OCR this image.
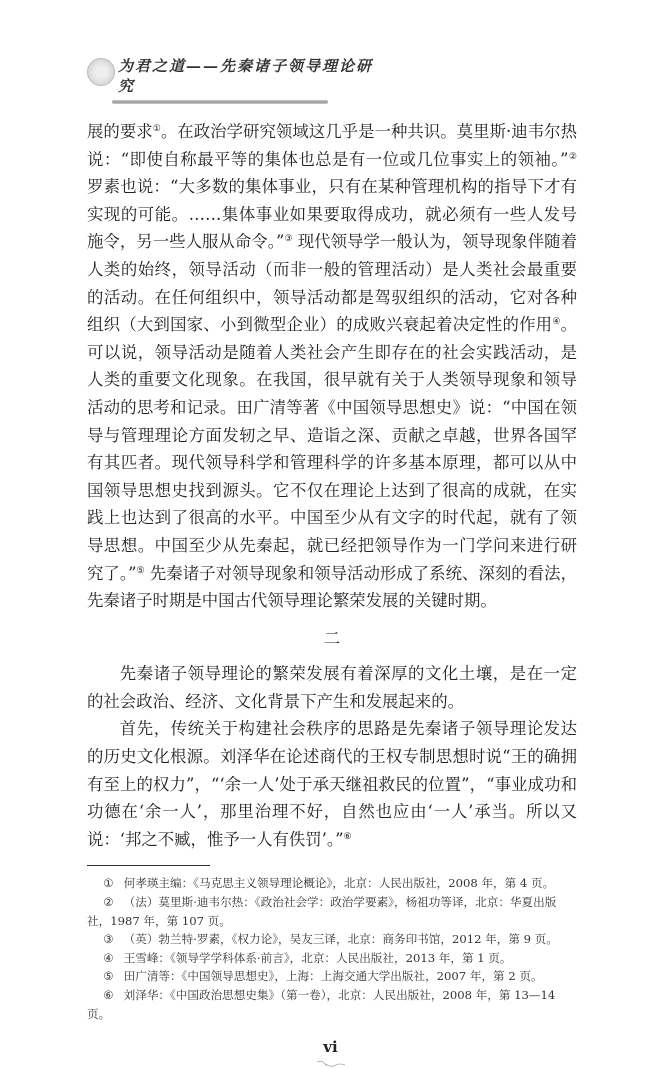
为君之道——先秦诸子领导理论研究

展的要求①。在政治学研究领域这几乎是一种共识。莫里斯·迪韦尔热说：“即使自称最平等的集体也总是有一位或几位事实上的领袖。”② 罗素也说：“大多数的集体事业，只有在某种管理机构的指导下才有实现的可能。……集体事业如果要取得成功，就必须有一些人发号施令，另一些人服从命令。”③ 现代领导学一般认为，领导现象伴随着人类的始终，领导活动（而非一般的管理活动）是人类社会最重要的活动。在任何组织中，领导活动都是驾驭组织的活动，它对各种组织（大到国家、小到微型企业）的成败兴衰起着决定性的作用④。可以说，领导活动是随着人类社会产生即存在的社会实践活动，是人类的重要文化现象。在我国，很早就有关于人类领导现象和领导活动的思考和记录。田广清等著《中国领导思想史》说：“中国在领导与管理理论方面发轫之早、造诣之深、贡献之卓越，世界各国罕有其匹者。现代领导科学和管理科学的许多基本原理，都可以从中国领导思想史找到源头。它不仅在理论上达到了很高的成就，在实践上也达到了很高的水平。中国至少从有文字的时代起，就有了领导思想。中国至少从先秦起，就已经把领导作为一门学问来进行研究了。”⑤ 先秦诸子对领导现象和领导活动形成了系统、深刻的看法，先秦诸子时期是中国古代领导理论繁荣发展的关键时期。

二

先秦诸子领导理论的繁荣发展有着深厚的文化土壤，是在一定的社会政治、经济、文化背景下产生和发展起来的。

首先，传统关于构建社会秩序的思路是先秦诸子领导理论发达的历史文化根源。刘泽华在论述商代的王权专制思想时说“王的确拥有至上的权力”，“‘余一人’处于承天继祖救民的位置”，“事业成功和功德在‘余一人’，那里治理不好，自然也应由‘一人’承当。所以又说：‘邦之不臧，惟予一人有佚罚’。”⑥

① 何孝瑛主编：《马克思主义领导理论概论》，北京：人民出版社，2008 年，第 4 页。

② （法）莫里斯·迪韦尔热：《政治社会学：政治学要素》，杨祖功等译，北京：华夏出版社，1987 年，第 107 页。

③ （英）勃兰特·罗素，《权力论》，吴友三译，北京：商务印书馆，2012 年，第 9 页。

④ 王雪峰：《领导学学科体系·前言》，北京：人民出版社，2013 年，第 1 页。

⑤ 田广清等：《中国领导思想史》，上海：上海交通大学出版社，2007 年，第 2 页。

⑥ 刘泽华：《中国政治思想史集》（第一卷），北京：人民出版社，2008 年，第 13—14 页。

vi
